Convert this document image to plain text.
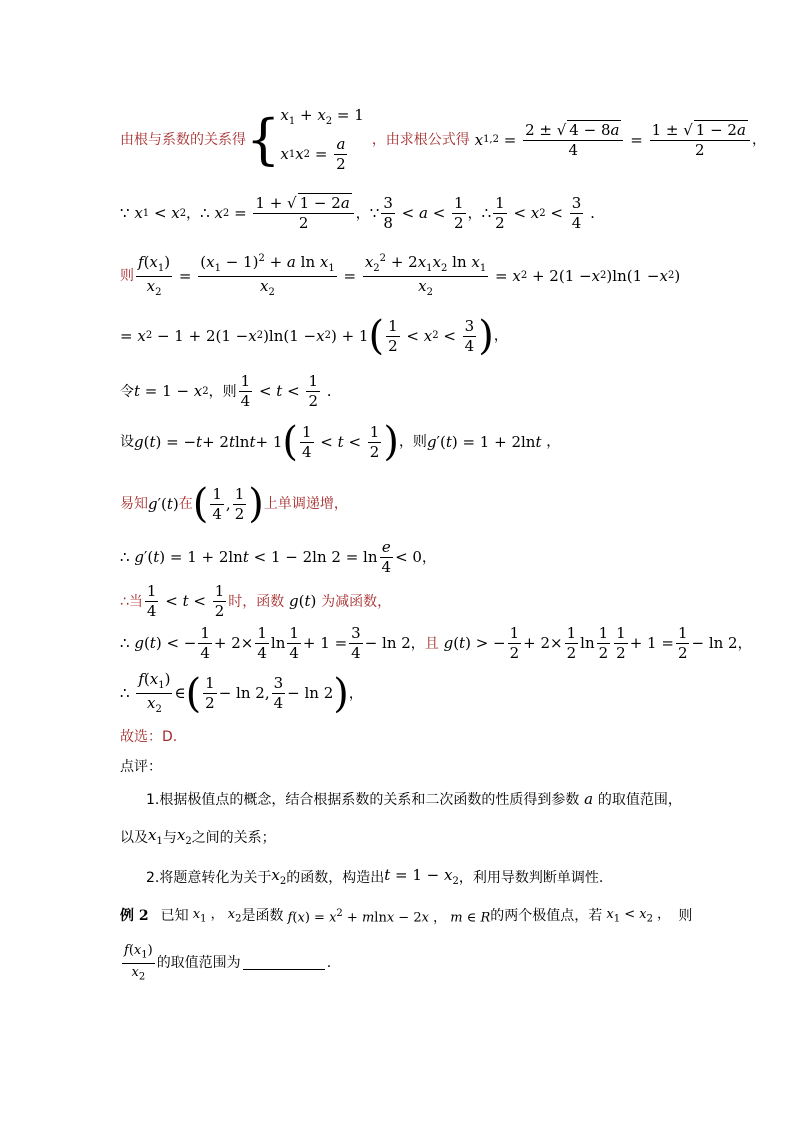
由根与系数的关系得 { $x_1 + x_2 = 1$
x 1 x $2 = \frac{a}{2}$ ，由求根公式得
x $1,2 = \frac{2 \pm √ 4 - 8a}{4} = \frac{1 \pm √ 1 - 2a}{2}$ ，
∵
x 1 < x 2 ， ∴
x $2 = \frac{1 + √ 1 - 2a}{2}$ ， ∵ $\frac{3}{8} < a < \frac{1}{2}$ ， ∴ $\frac{1}{2} < x$ $2 < \frac{3}{4}$ .
则 $\frac{f(x_1)}{x_2} = \frac{(x_1 - 1)^2 + a \ln x_1}{x_2} = \frac{x_2^2 + 2x_1x_2 \ln x_1}{x_2} = x$ 2 + 2(1 − x 2 )ln(1 − x 2 )
= x 2 − 1 + 2(1 − x 2 )ln(1 − x 2 ) + 1 ( $\frac{1}{2} < x$ $2 < \frac{3}{4}$ ) ，
令 t = 1 − x 2 ，则 $\frac{1}{4} < t < \frac{1}{2}$ .
设 g ( t ) = − t + 2 t ln t + 1 ( $\frac{1}{4} < t < \frac{1}{2}$ ) ，则 g ′( t ) = 1 + 2ln t
，
易知 g′(t) 在 ( $\frac{1}{4}$ , $\frac{1}{2}$ ) 上单调递增，
∴
g ′( t ) = 1 + 2ln t < 1 − 2ln $2 = \ln \frac{e}{4} < 0$ ，
∴当 $\frac{1}{4} < t < \frac{1}{2}$ 时， 函数 g(t) 为减函数，
∴
g ( t ) < − $\frac{1}{4} + 2\times \frac{1}{4}$ $\ln \frac{1}{4} + 1 = \frac{3}{4} - \ln 2$ ， 且
g ( t ) > − $\frac{1}{2} + 2\times \frac{1}{2}$ $\ln \frac{1}{2} \frac{1}{2} + 1 = \frac{1}{2} - \ln 2$ ，
∴
$\frac{f(x_1)}{x_2}$ ∈ ( $\frac{1}{2} - \ln 2$, $\frac{3}{4} - \ln 2$ ) ，
故选：D.
点评：
1.根据极值点的概念，结合根据系数的关系和二次函数的性质得到参数 a 的取值范围，
以及 $x_1$ 与 $x_2$ 之间的关系；
2.将题意转化为关于 $x_2$ 的函数，构造出 $t = 1 - x_2$ ，利用导数判断单调性.
例 2 已知 $x_1$ ， $x_2$ 是函数 $f(x) = x^2 + mlnx - 2x$ ， m ∈ R 的两个极值点，若 $x_1 < x_2$ ， 则
$\frac{f(x_1)}{x_2}$ 的取值范围为	.
